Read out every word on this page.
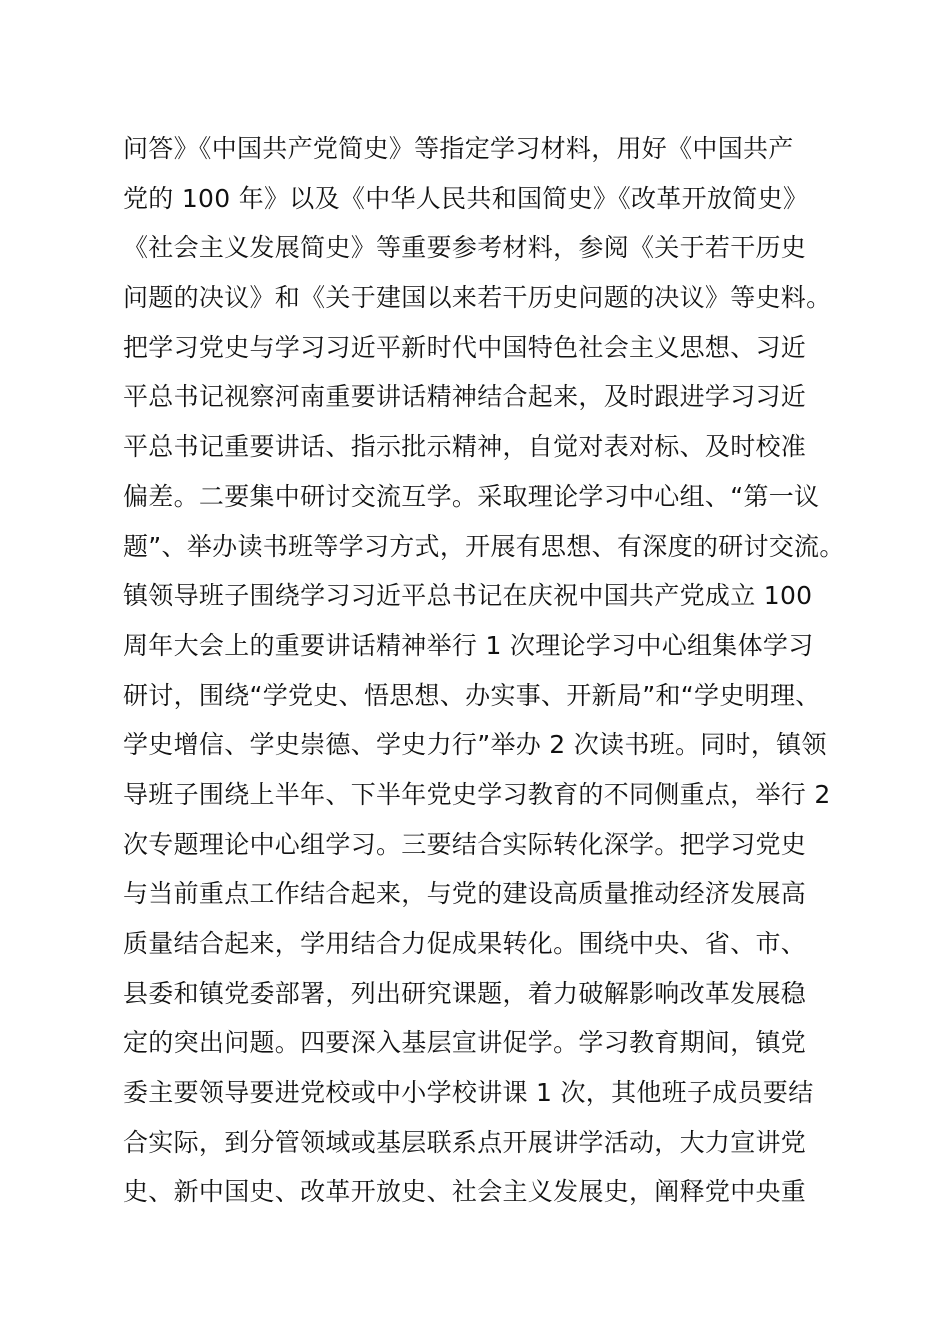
问答》《中国共产党简史》等指定学习材料，用好《中国共产
党的 100 年》以及《中华人民共和国简史》《改革开放简史》
《社会主义发展简史》等重要参考材料，参阅《关于若干历史
问题的决议》和《关于建国以来若干历史问题的决议》等史料。
把学习党史与学习习近平新时代中国特色社会主义思想、习近
平总书记视察河南重要讲话精神结合起来，及时跟进学习习近
平总书记重要讲话、指示批示精神，自觉对表对标、及时校准
偏差。二要集中研讨交流互学。采取理论学习中心组、“第一议
题”、举办读书班等学习方式，开展有思想、有深度的研讨交流。
镇领导班子围绕学习习近平总书记在庆祝中国共产党成立 100
周年大会上的重要讲话精神举行 1 次理论学习中心组集体学习
研讨，围绕“学党史、悟思想、办实事、开新局”和“学史明理、
学史增信、学史崇德、学史力行”举办 2 次读书班。同时，镇领
导班子围绕上半年、下半年党史学习教育的不同侧重点，举行 2
次专题理论中心组学习。三要结合实际转化深学。把学习党史
与当前重点工作结合起来，与党的建设高质量推动经济发展高
质量结合起来，学用结合力促成果转化。围绕中央、省、市、
县委和镇党委部署，列出研究课题，着力破解影响改革发展稳
定的突出问题。四要深入基层宣讲促学。学习教育期间，镇党
委主要领导要进党校或中小学校讲课 1 次，其他班子成员要结
合实际，到分管领域或基层联系点开展讲学活动，大力宣讲党
史、新中国史、改革开放史、社会主义发展史，阐释党中央重
